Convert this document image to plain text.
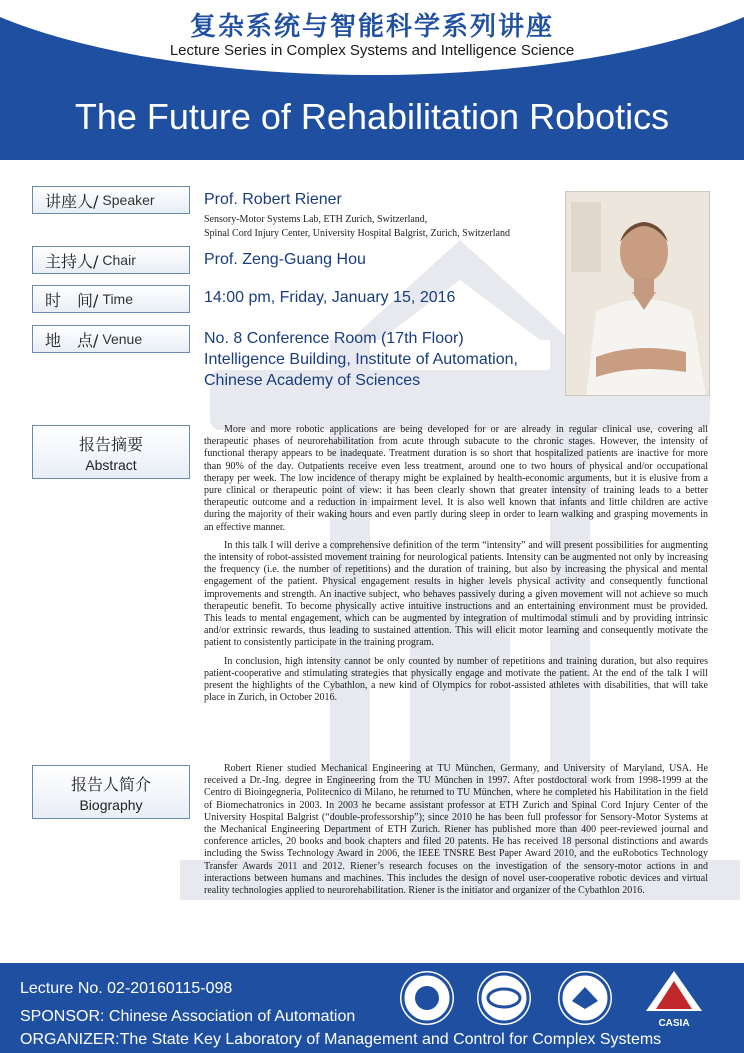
复杂系统与智能科学系列讲座
Lecture Series in Complex Systems and Intelligence Science
The Future of Rehabilitation Robotics
讲座人/ Speaker	Prof. Robert Riener
Sensory-Motor Systems Lab, ETH Zurich, Switzerland,
Spinal Cord Injury Center, University Hospital Balgrist, Zurich, Switzerland
主持人/ Chair	Prof. Zeng-Guang Hou
时　间/ Time	14:00 pm, Friday, January 15, 2016
地　点/ Venue	No. 8 Conference Room (17th Floor)
Intelligence Building, Institute of Automation,
Chinese Academy of Sciences
报告摘要
Abstract

More and more robotic applications are being developed for or are already in regular clinical use, covering all therapeutic phases of neurorehabilitation from acute through subacute to the chronic stages. However, the intensity of functional therapy appears to be inadequate. Treatment duration is so short that hospitalized patients are inactive for more than 90% of the day. Outpatients receive even less treatment, around one to two hours of physical and/or occupational therapy per week. The low incidence of therapy might be explained by health-economic arguments, but it is elusive from a pure clinical or therapeutic point of view: it has been clearly shown that greater intensity of training leads to a better therapeutic outcome and a reduction in impairment level. It is also well known that infants and little children are active during the majority of their waking hours and even partly during sleep in order to learn walking and grasping movements in an effective manner.

In this talk I will derive a comprehensive definition of the term “intensity” and will present possibilities for augmenting the intensity of robot-assisted movement training for neurological patients. Intensity can be augmented not only by increasing the frequency (i.e. the number of repetitions) and the duration of training, but also by increasing the physical and mental engagement of the patient. Physical engagement results in higher levels physical activity and consequently functional improvements and strength. An inactive subject, who behaves passively during a given movement will not achieve so much therapeutic benefit. To become physically active intuitive instructions and an entertaining environment must be provided. This leads to mental engagement, which can be augmented by integration of multimodal stimuli and by providing intrinsic and/or extrinsic rewards, thus leading to sustained attention. This will elicit motor learning and consequently motivate the patient to consistently participate in the training program.

In conclusion, high intensity cannot be only counted by number of repetitions and training duration, but also requires patient-cooperative and stimulating strategies that physically engage and motivate the patient. At the end of the talk I will present the highlights of the Cybathlon, a new kind of Olympics for robot-assisted athletes with disabilities, that will take place in Zurich, in October 2016.

报告人简介
Biography

Robert Riener studied Mechanical Engineering at TU München, Germany, and University of Maryland, USA. He received a Dr.-Ing. degree in Engineering from the TU München in 1997. After postdoctoral work from 1998-1999 at the Centro di Bioingegneria, Politecnico di Milano, he returned to TU München, where he completed his Habilitation in the field of Biomechatronics in 2003. In 2003 he became assistant professor at ETH Zurich and Spinal Cord Injury Center of the University Hospital Balgrist (“double-professorship”); since 2010 he has been full professor for Sensory-Motor Systems at the Mechanical Engineering Department of ETH Zurich. Riener has published more than 400 peer-reviewed journal and conference articles, 20 books and book chapters and filed 20 patents. He has received 18 personal distinctions and awards including the Swiss Technology Award in 2006, the IEEE TNSRE Best Paper Award 2010, and the euRobotics Technology Transfer Awards 2011 and 2012. Riener’s research focuses on the investigation of the sensory-motor actions in and interactions between humans and machines. This includes the design of novel user-cooperative robotic devices and virtual reality technologies applied to neurorehabilitation. Riener is the initiator and organizer of the Cybathlon 2016.

Lecture No. 02-20160115-098
SPONSOR: Chinese Association of Automation
ORGANIZER:The State Key Laboratory of Management and Control for Complex Systems
CASIA
